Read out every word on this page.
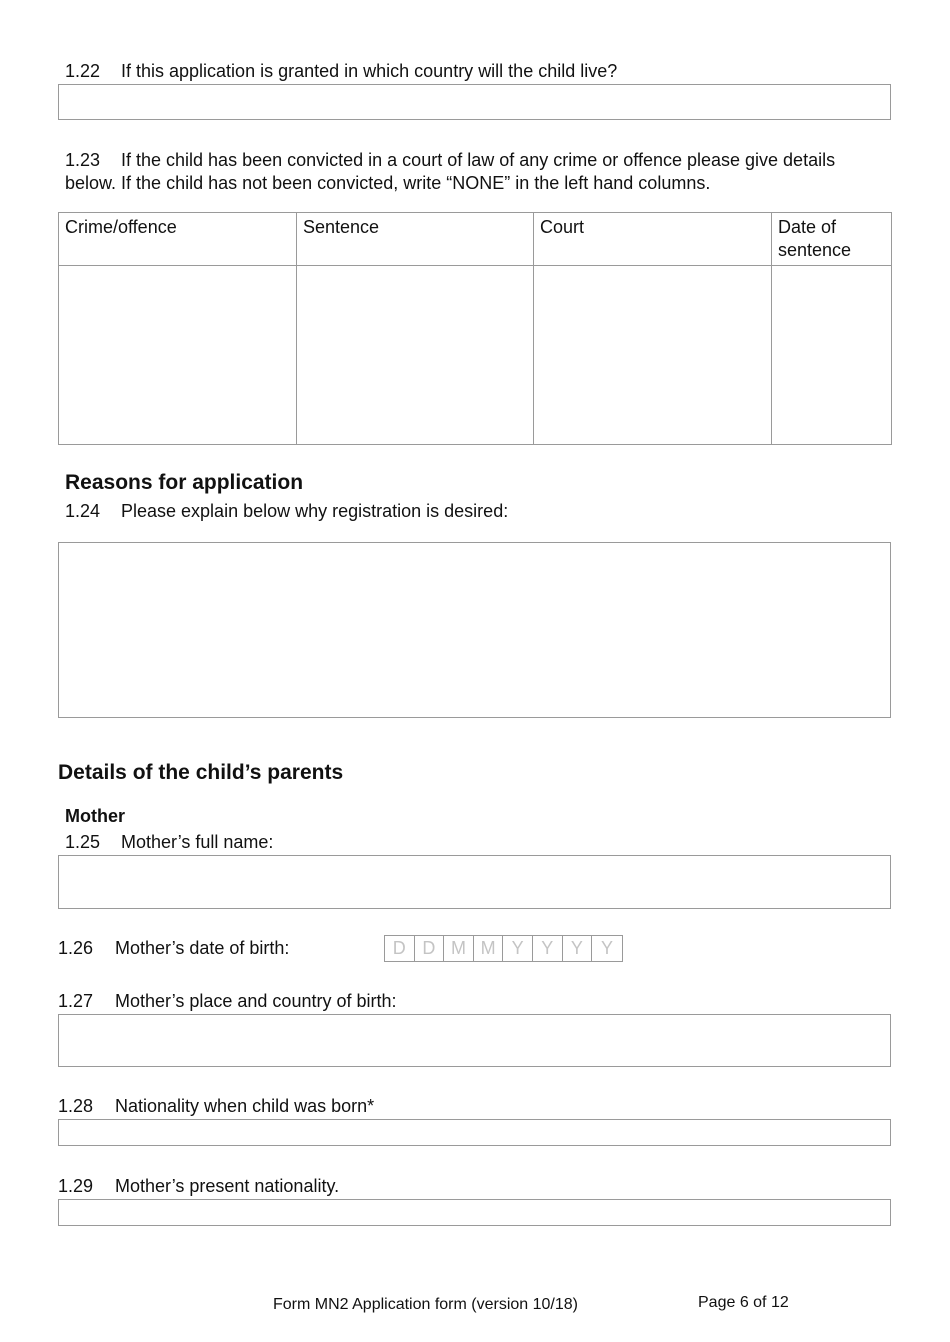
1.22 If this application is granted in which country will the child live?
1.23 If the child has been convicted in a court of law of any crime or offence please give details below. If the child has not been convicted, write “NONE” in the left hand columns.
Crime/offence	Sentence	Court	Date of sentence

Reasons for application
1.24 Please explain below why registration is desired:
Details of the child’s parents
Mother
1.25 Mother’s full name:
1.26 Mother’s date of birth:	D D M M Y Y Y	Y
1.27 Mother’s place and country of birth:
1.28 Nationality when child was born*
1.29 Mother’s present nationality.
Form MN2 Application form (version 10/18)	Page 6 of 12
